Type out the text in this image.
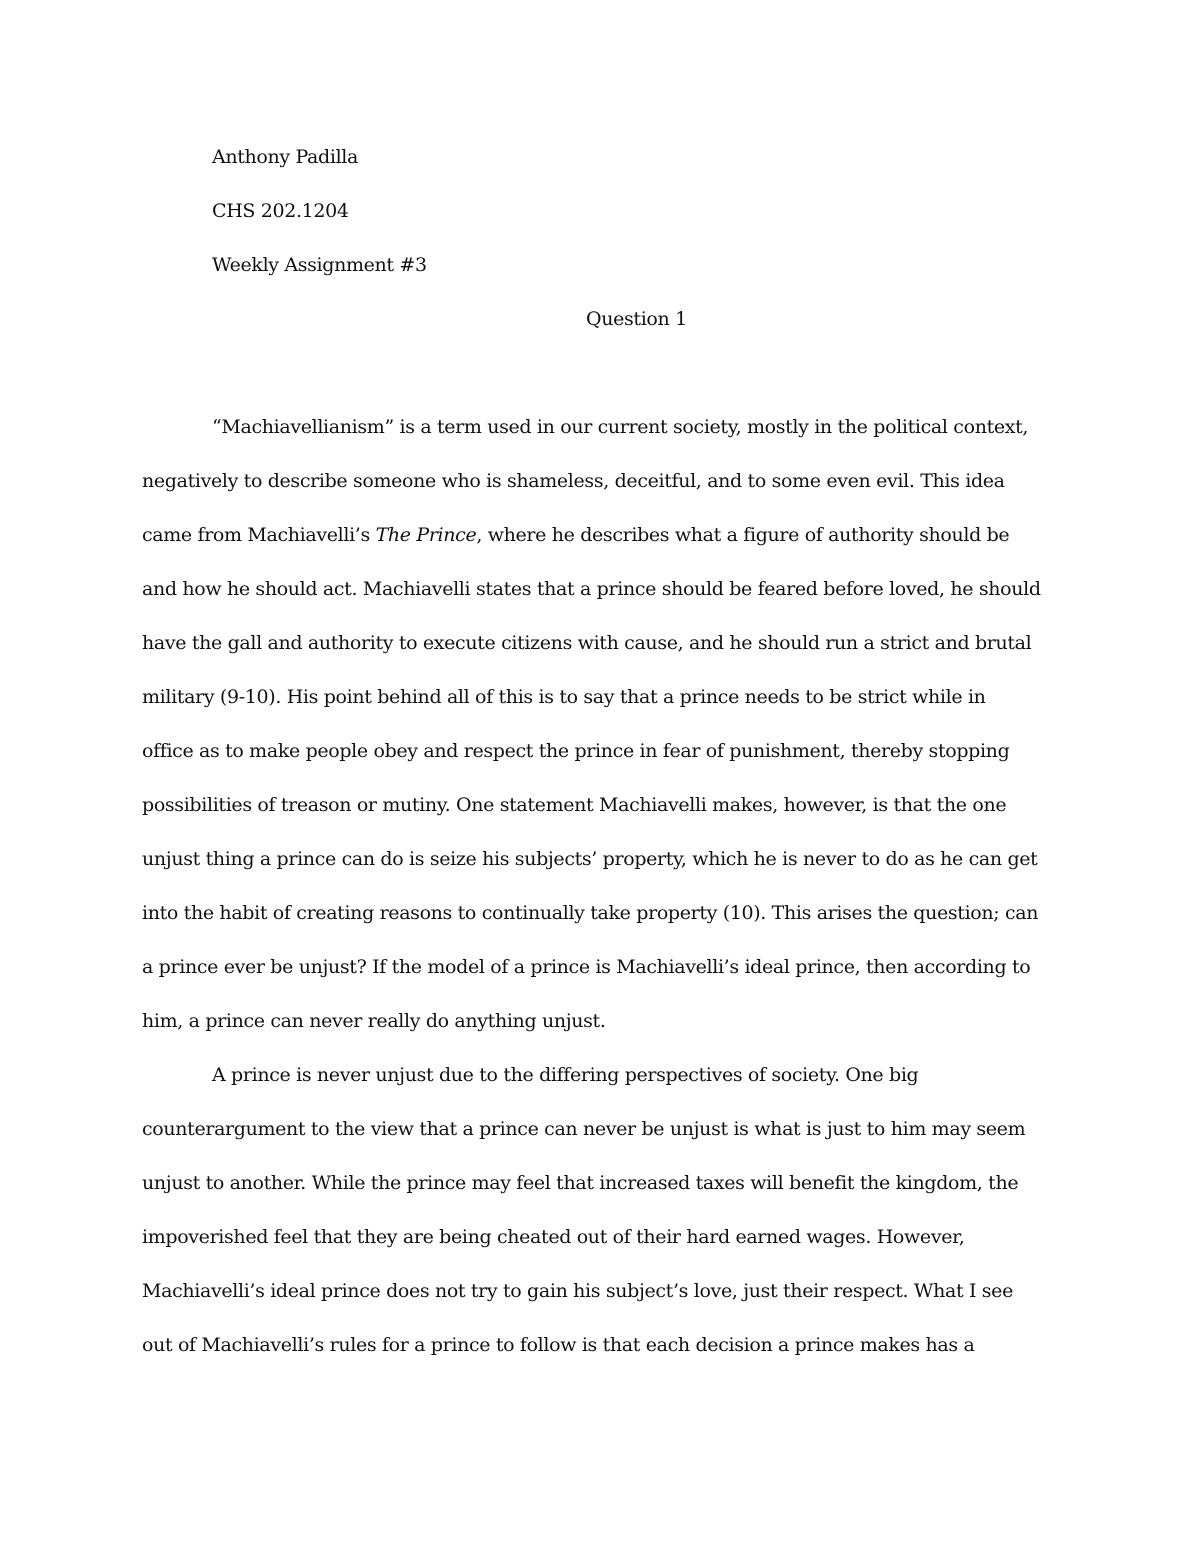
Anthony Padilla
CHS 202.1204
Weekly Assignment #3
Question 1
“Machiavellianism” is a term used in our current society, mostly in the political context,
negatively to describe someone who is shameless, deceitful, and to some even evil. This idea
came from Machiavelli’s The Prince, where he describes what a figure of authority should be
and how he should act. Machiavelli states that a prince should be feared before loved, he should
have the gall and authority to execute citizens with cause, and he should run a strict and brutal
military (9-10). His point behind all of this is to say that a prince needs to be strict while in
office as to make people obey and respect the prince in fear of punishment, thereby stopping
possibilities of treason or mutiny. One statement Machiavelli makes, however, is that the one
unjust thing a prince can do is seize his subjects’ property, which he is never to do as he can get
into the habit of creating reasons to continually take property (10). This arises the question; can
a prince ever be unjust? If the model of a prince is Machiavelli’s ideal prince, then according to
him, a prince can never really do anything unjust.
A prince is never unjust due to the differing perspectives of society. One big
counterargument to the view that a prince can never be unjust is what is just to him may seem
unjust to another. While the prince may feel that increased taxes will benefit the kingdom, the
impoverished feel that they are being cheated out of their hard earned wages. However,
Machiavelli’s ideal prince does not try to gain his subject’s love, just their respect. What I see
out of Machiavelli’s rules for a prince to follow is that each decision a prince makes has a
